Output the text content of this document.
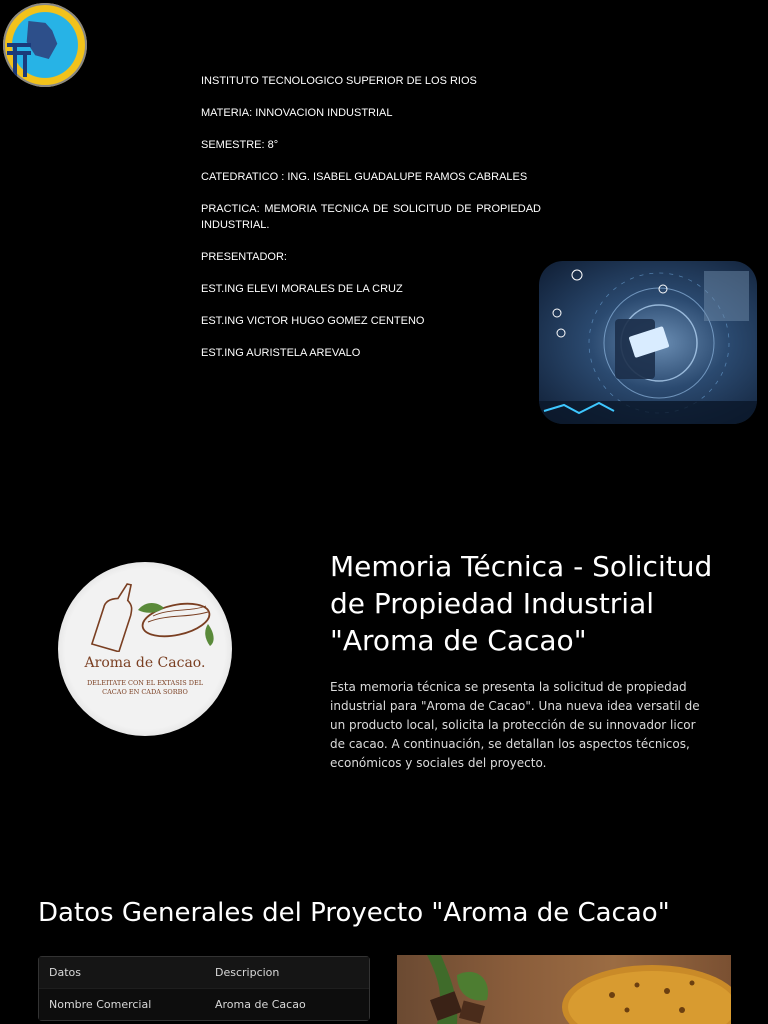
INSTITUTO TECNOLOGICO SUPERIOR DE LOS RIOS

MATERIA: INNOVACION INDUSTRIAL

SEMESTRE: 8°

CATEDRATICO : ING. ISABEL GUADALUPE RAMOS CABRALES

PRACTICA: MEMORIA TECNICA DE SOLICITUD DE PROPIEDAD INDUSTRIAL.

PRESENTADOR:

EST.ING ELEVI MORALES DE LA CRUZ

EST.ING VICTOR HUGO GOMEZ CENTENO

EST.ING AURISTELA AREVALO

Aroma de Cacao.
DELEITATE CON EL EXTASIS DEL CACAO EN CADA SORBO
Memoria Técnica - Solicitud de Propiedad Industrial "Aroma de Cacao"

Esta memoria técnica se presenta la solicitud de propiedad industrial para "Aroma de Cacao". Una nueva idea versatil de un producto local, solicita la protección de su innovador licor de cacao. A continuación, se detallan los aspectos técnicos, económicos y sociales del proyecto.

Datos Generales del Proyecto "Aroma de Cacao"
Datos	Descripcion
Nombre Comercial	Aroma de Cacao
